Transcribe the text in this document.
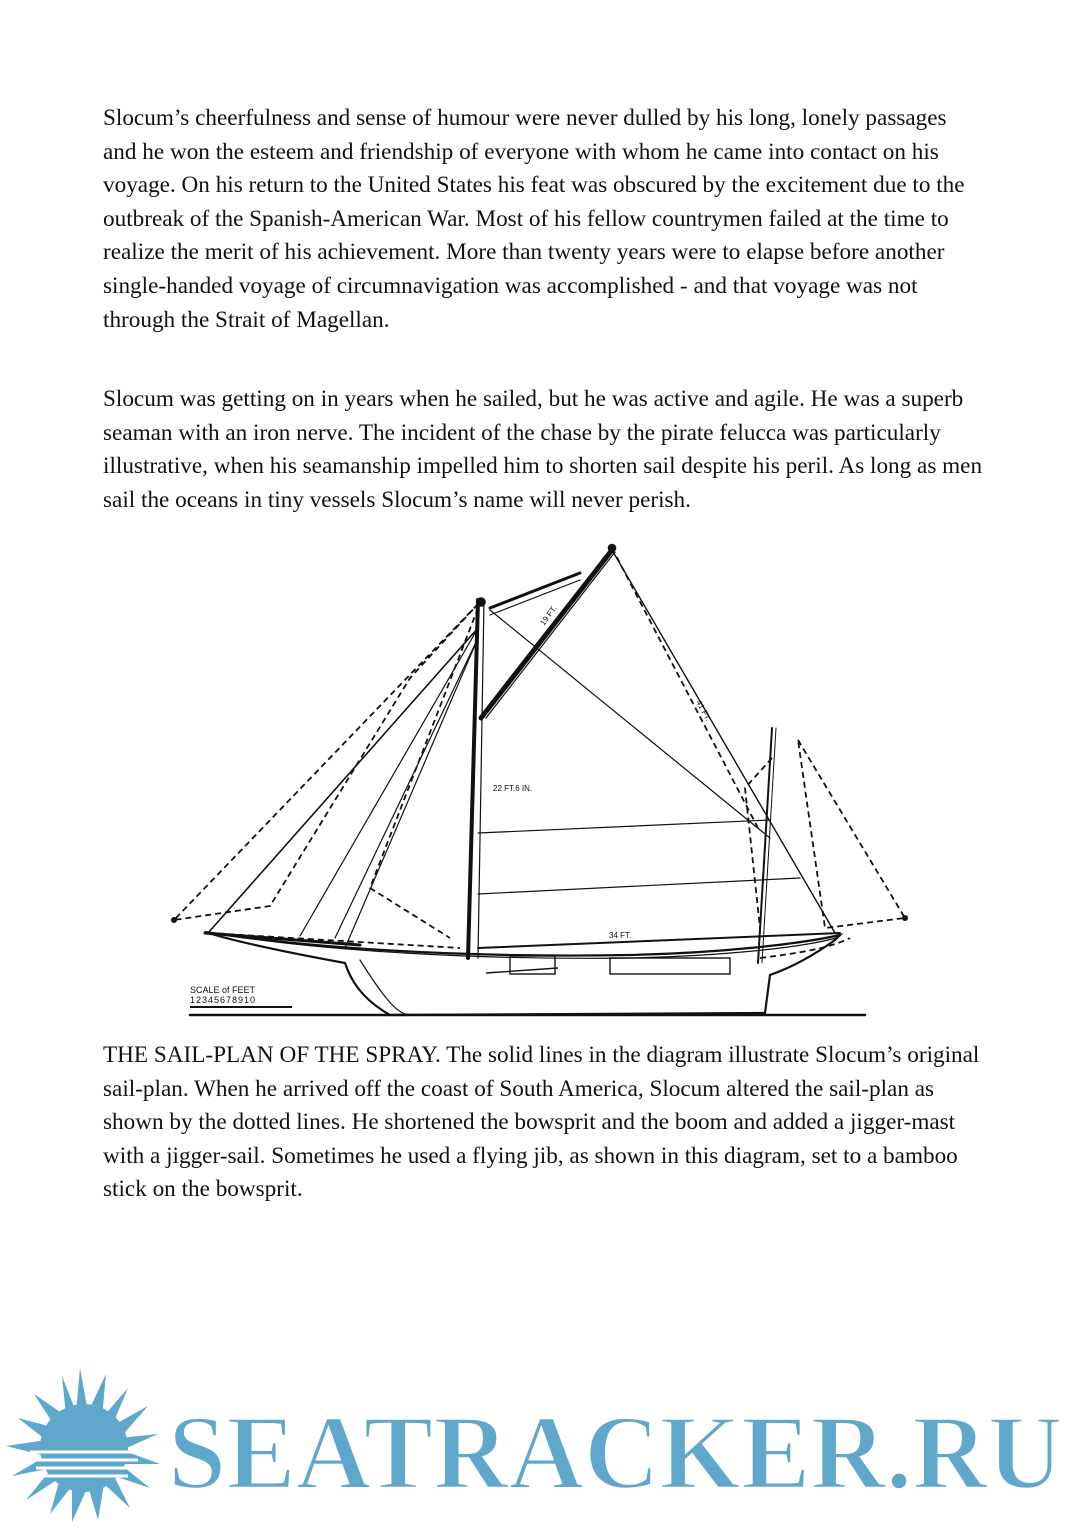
Slocum’s cheerfulness and sense of humour were never dulled by his long, lonely passages and he won the esteem and friendship of everyone with whom he came into contact on his voyage. On his return to the United States his feat was obscured by the excitement due to the outbreak of the Spanish-American War. Most of his fellow countrymen failed at the time to realize the merit of his achievement. More than twenty years were to elapse before another single-handed voyage of circumnavigation was accomplished - and that voyage was not through the Strait of Magellan.

Slocum was getting on in years when he sailed, but he was active and agile. He was a superb seaman with an iron nerve. The incident of the chase by the pirate felucca was particularly illustrative, when his seamanship impelled him to shorten sail despite his peril. As long as men sail the oceans in tiny vessels Slocum’s name will never perish.

19 FT.
41 FT.
22 FT.6 IN.
34 FT.
SCALE of FEET
12345678910

THE SAIL-PLAN OF THE SPRAY. The solid lines in the diagram illustrate Slocum’s original sail-plan. When he arrived off the coast of South America, Slocum altered the sail-plan as shown by the dotted lines. He shortened the bowsprit and the boom and added a jigger-mast with a jigger-sail. Sometimes he used a flying jib, as shown in this diagram, set to a bamboo stick on the bowsprit.

SEATRACKER.RU
